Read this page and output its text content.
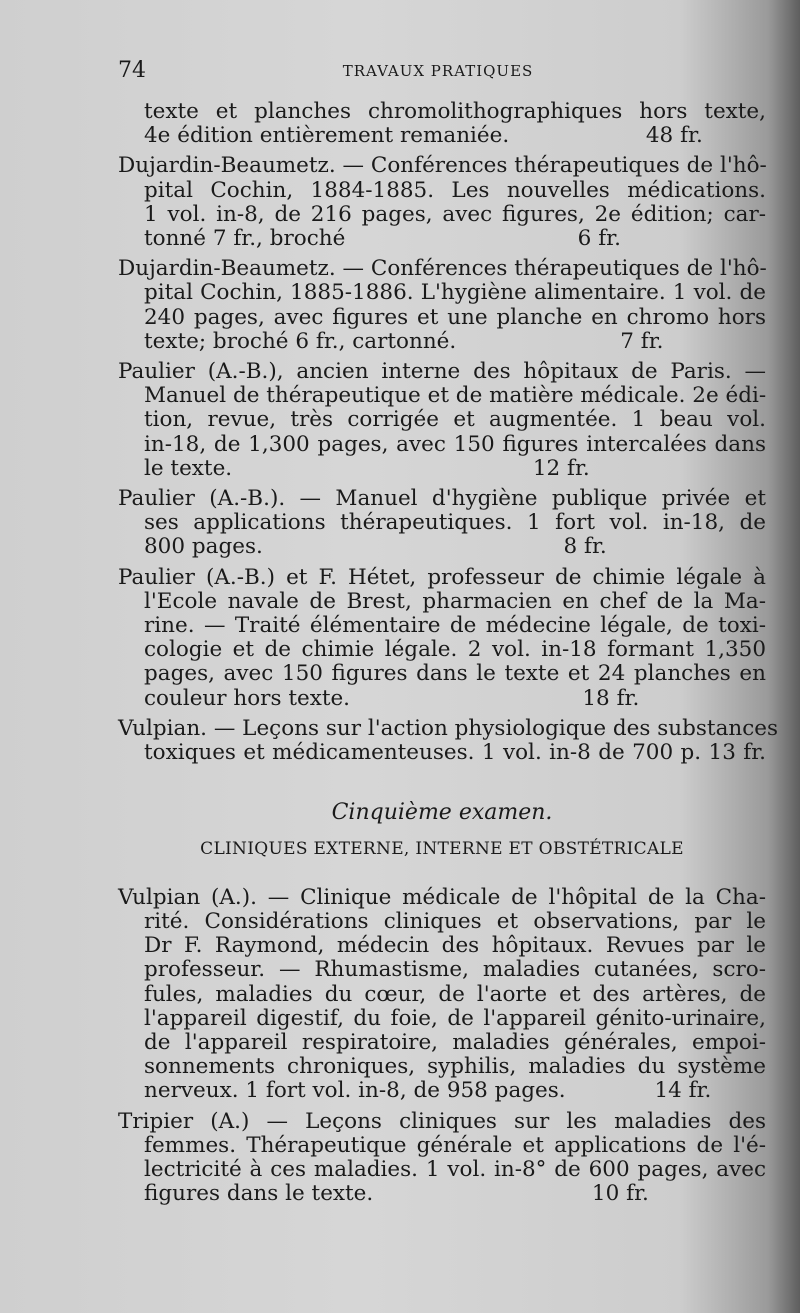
74	TRAVAUX PRATIQUES
texte et planches chromolithographiques hors texte,
4e édition entièrement remaniée.                    48 fr.
Dujardin-Beaumetz. — Conférences thérapeutiques de l'hô-
pital Cochin, 1884-1885. Les nouvelles médications.
1 vol. in-8, de 216 pages, avec figures, 2e édition; car-
tonné 7 fr., broché                                  6 fr.
Dujardin-Beaumetz. — Conférences thérapeutiques de l'hô-
pital Cochin, 1885-1886. L'hygiène alimentaire. 1 vol. de
240 pages, avec figures et une planche en chromo hors
texte; broché 6 fr., cartonné.                        7 fr.
Paulier (A.-B.), ancien interne des hôpitaux de Paris. —
Manuel de thérapeutique et de matière médicale. 2e édi-
tion, revue, très corrigée et augmentée. 1 beau vol.
in-18, de 1,300 pages, avec 150 figures intercalées dans
le texte.                                            12 fr.
Paulier (A.-B.). — Manuel d'hygiène publique privée et
ses applications thérapeutiques. 1 fort vol. in-18, de
800 pages.                                            8 fr.
Paulier (A.-B.) et F. Hétet, professeur de chimie légale à
l'Ecole navale de Brest, pharmacien en chef de la Ma-
rine. — Traité élémentaire de médecine légale, de toxi-
cologie et de chimie légale. 2 vol. in-18 formant 1,350
pages, avec 150 figures dans le texte et 24 planches en
couleur hors texte.                                  18 fr.
Vulpian. — Leçons sur l'action physiologique des substances
toxiques et médicamenteuses. 1 vol. in-8 de 700 p. 13 fr.
Cinquième examen.
CLINIQUES EXTERNE, INTERNE ET OBSTÉTRICALE
Vulpian (A.). — Clinique médicale de l'hôpital de la Cha-
rité. Considérations cliniques et observations, par le
Dr F. Raymond, médecin des hôpitaux. Revues par le
professeur. — Rhumastisme, maladies cutanées, scro-
fules, maladies du cœur, de l'aorte et des artères, de
l'appareil digestif, du foie, de l'appareil génito-urinaire,
de l'appareil respiratoire, maladies générales, empoi-
sonnements chroniques, syphilis, maladies du système
nerveux. 1 fort vol. in-8, de 958 pages.             14 fr.
Tripier (A.) — Leçons cliniques sur les maladies des
femmes. Thérapeutique générale et applications de l'é-
lectricité à ces maladies. 1 vol. in-8° de 600 pages, avec
figures dans le texte.                                10 fr.
